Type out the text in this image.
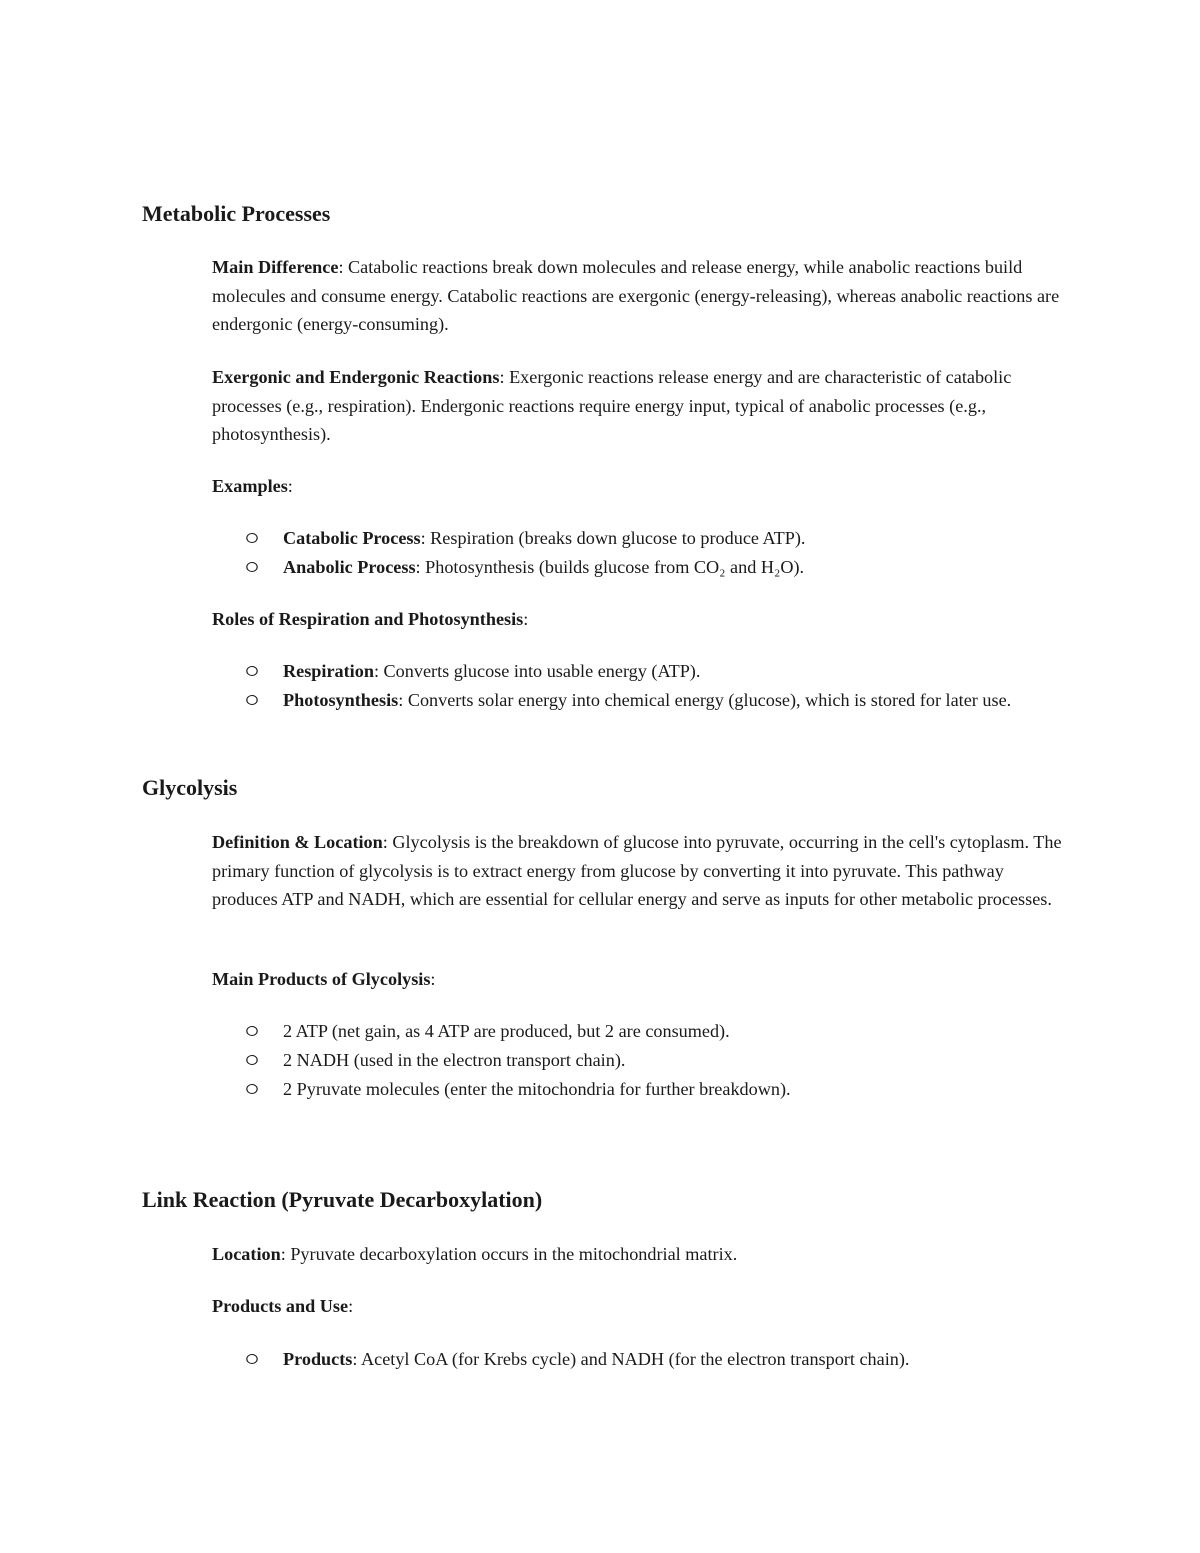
Metabolic Processes

Main Difference: Catabolic reactions break down molecules and release energy, while anabolic reactions build molecules and consume energy. Catabolic reactions are exergonic (energy-releasing), whereas anabolic reactions are endergonic (energy-consuming).

Exergonic and Endergonic Reactions: Exergonic reactions release energy and are characteristic of catabolic processes (e.g., respiration). Endergonic reactions require energy input, typical of anabolic processes (e.g., photosynthesis).

Examples:

Catabolic Process: Respiration (breaks down glucose to produce ATP).
Anabolic Process: Photosynthesis (builds glucose from CO₂ and H₂O).

Roles of Respiration and Photosynthesis:

Respiration: Converts glucose into usable energy (ATP).
Photosynthesis: Converts solar energy into chemical energy (glucose), which is stored for later use.
Glycolysis

Definition & Location: Glycolysis is the breakdown of glucose into pyruvate, occurring in the cell's cytoplasm. The primary function of glycolysis is to extract energy from glucose by converting it into pyruvate. This pathway produces ATP and NADH, which are essential for cellular energy and serve as inputs for other metabolic processes.

Main Products of Glycolysis:

2 ATP (net gain, as 4 ATP are produced, but 2 are consumed).
2 NADH (used in the electron transport chain).
2 Pyruvate molecules (enter the mitochondria for further breakdown).
Link Reaction (Pyruvate Decarboxylation)

Location: Pyruvate decarboxylation occurs in the mitochondrial matrix.

Products and Use:

Products: Acetyl CoA (for Krebs cycle) and NADH (for the electron transport chain).
